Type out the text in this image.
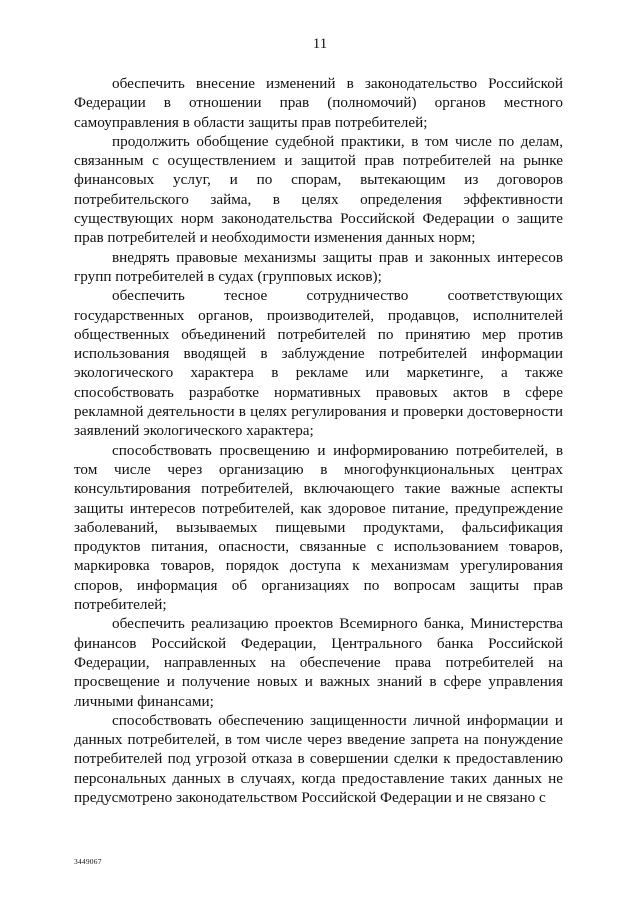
11

обеспечить внесение изменений в законодательство Российской Федерации в отношении прав (полномочий) органов местного самоуправления в области защиты прав потребителей;

продолжить обобщение судебной практики, в том числе по делам, связанным с осуществлением и защитой прав потребителей на рынке финансовых услуг, и по спорам, вытекающим из договоров потребительского займа, в целях определения эффективности существующих норм законодательства Российской Федерации о защите прав потребителей и необходимости изменения данных норм;

внедрять правовые механизмы защиты прав и законных интересов групп потребителей в судах (групповых исков);

обеспечить тесное сотрудничество соответствующих государственных органов, производителей, продавцов, исполнителей общественных объединений потребителей по принятию мер против использования вводящей в заблуждение потребителей информации экологического характера в рекламе или маркетинге, а также способствовать разработке нормативных правовых актов в сфере рекламной деятельности в целях регулирования и проверки достоверности заявлений экологического характера;

способствовать просвещению и информированию потребителей, в том числе через организацию в многофункциональных центрах консультирования потребителей, включающего такие важные аспекты защиты интересов потребителей, как здоровое питание, предупреждение заболеваний, вызываемых пищевыми продуктами, фальсификация продуктов питания, опасности, связанные с использованием товаров, маркировка товаров, порядок доступа к механизмам урегулирования споров, информация об организациях по вопросам защиты прав потребителей;

обеспечить реализацию проектов Всемирного банка, Министерства финансов Российской Федерации, Центрального банка Российской Федерации, направленных на обеспечение права потребителей на просвещение и получение новых и важных знаний в сфере управления личными финансами;

способствовать обеспечению защищенности личной информации и данных потребителей, в том числе через введение запрета на понуждение потребителей под угрозой отказа в совершении сделки к предоставлению персональных данных в случаях, когда предоставление таких данных не предусмотрено законодательством Российской Федерации и не связано с

3449067
